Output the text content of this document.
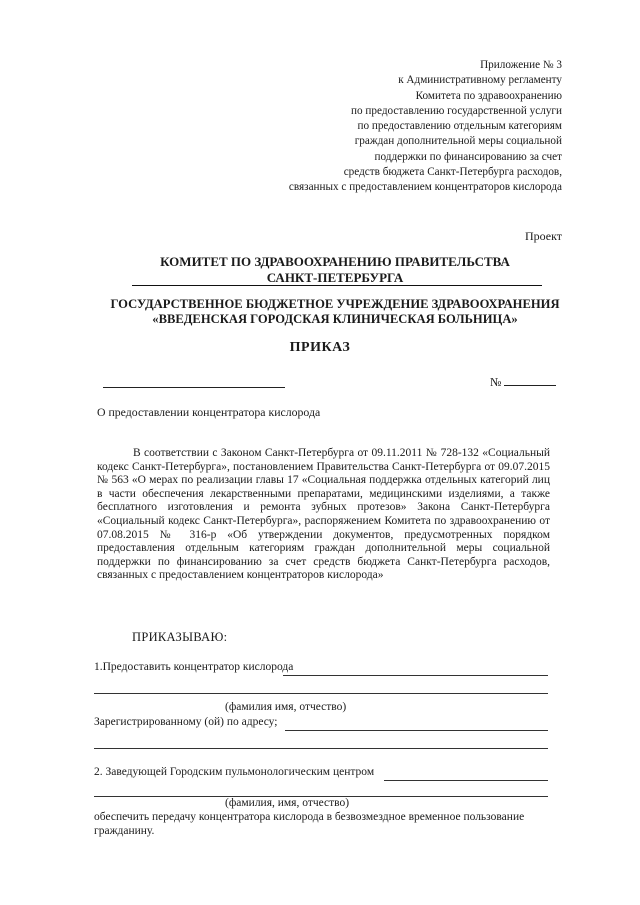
Приложение № 3
к Административному регламенту
Комитета по здравоохранению
по предоставлению государственной услуги
по предоставлению отдельным категориям
граждан дополнительной меры социальной
поддержки по финансированию за счет
средств бюджета Санкт-Петербурга расходов,
связанных с предоставлением концентраторов кислорода
Проект
КОМИТЕТ ПО ЗДРАВООХРАНЕНИЮ ПРАВИТЕЛЬСТВА
САНКТ-ПЕТЕРБУРГА
ГОСУДАРСТВЕННОЕ БЮДЖЕТНОЕ УЧРЕЖДЕНИЕ ЗДРАВООХРАНЕНИЯ
«ВВЕДЕНСКАЯ ГОРОДСКАЯ КЛИНИЧЕСКАЯ БОЛЬНИЦА»
ПРИКАЗ
№
О предоставлении концентратора кислорода
В соответствии с Законом Санкт-Петербурга от 09.11.2011 № 728-132 «Социальный кодекс Санкт-Петербурга», постановлением Правительства Санкт-Петербурга от 09.07.2015 № 563 «О мерах по реализации главы 17 «Социальная поддержка отдельных категорий лиц в части обеспечения лекарственными препаратами, медицинскими изделиями, а также бесплатного изготовления и ремонта зубных протезов» Закона Санкт-Петербурга «Социальный кодекс Санкт-Петербурга», распоряжением Комитета по здравоохранению от 07.08.2015 № 316-р «Об утверждении документов, предусмотренных порядком предоставления отдельным категориям граждан дополнительной меры социальной поддержки по финансированию за счет средств бюджета Санкт-Петербурга расходов, связанных с предоставлением концентраторов кислорода»
ПРИКАЗЫВАЮ:
1.Предоставить концентратор кислорода
(фамилия имя, отчество)
Зарегистрированному (ой) по адресу;
2. Заведующей Городским пульмонологическим центром
(фамилия, имя, отчество)
обеспечить передачу концентратора кислорода в безвозмездное временное пользование гражданину.
